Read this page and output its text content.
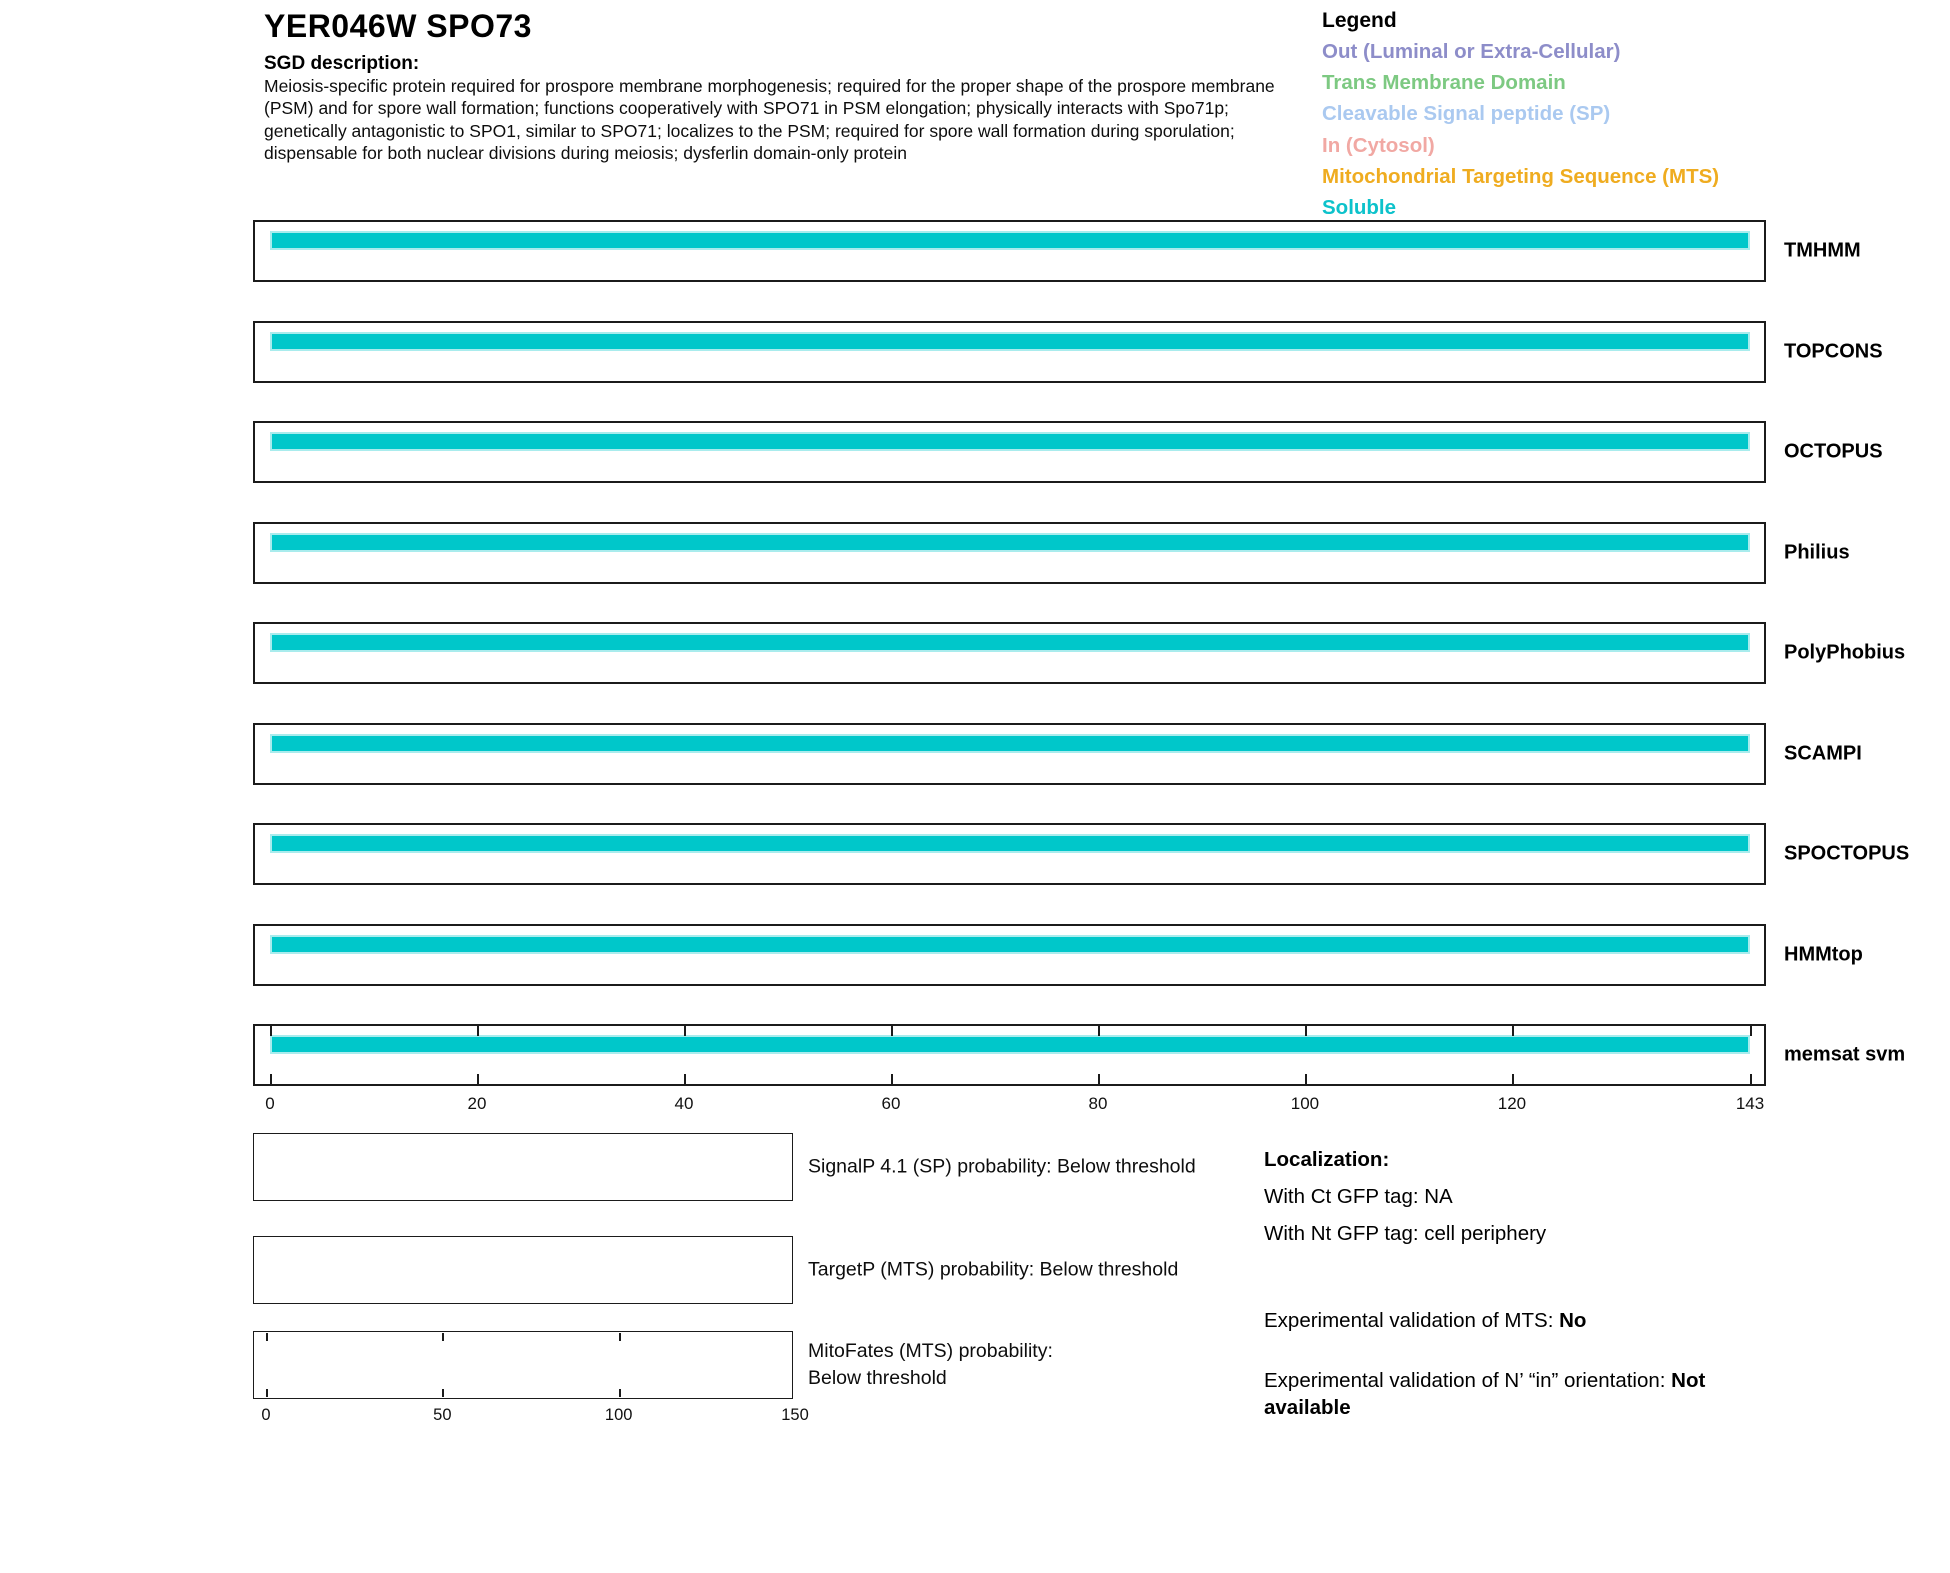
YER046W SPO73
SGD description:
Meiosis-specific protein required for prospore membrane morphogenesis; required for the proper shape of the prospore membrane (PSM) and for spore wall formation; functions cooperatively with SPO71 in PSM elongation; physically interacts with Spo71p; genetically antagonistic to SPO1, similar to SPO71; localizes to the PSM; required for spore wall formation during sporulation; dispensable for both nuclear divisions during meiosis; dysferlin domain-only protein
Legend
Out (Luminal or Extra-Cellular)
Trans Membrane Domain
Cleavable Signal peptide (SP)
In (Cytosol)
Mitochondrial Targeting Sequence (MTS)
Soluble
TMHMM
TOPCONS
OCTOPUS
Philius
PolyPhobius
SCAMPI
SPOCTOPUS
HMMtop
memsat svm
0	20	40	60	80	100	120	143
SignalP 4.1 (SP) probability: Below threshold
TargetP (MTS) probability: Below threshold
MitoFates (MTS) probability: Below threshold
0	50	100	150
Localization:
With Ct GFP tag: NA
With Nt GFP tag: cell periphery
Experimental validation of MTS: No
Experimental validation of N’ “in” orientation: Not available
